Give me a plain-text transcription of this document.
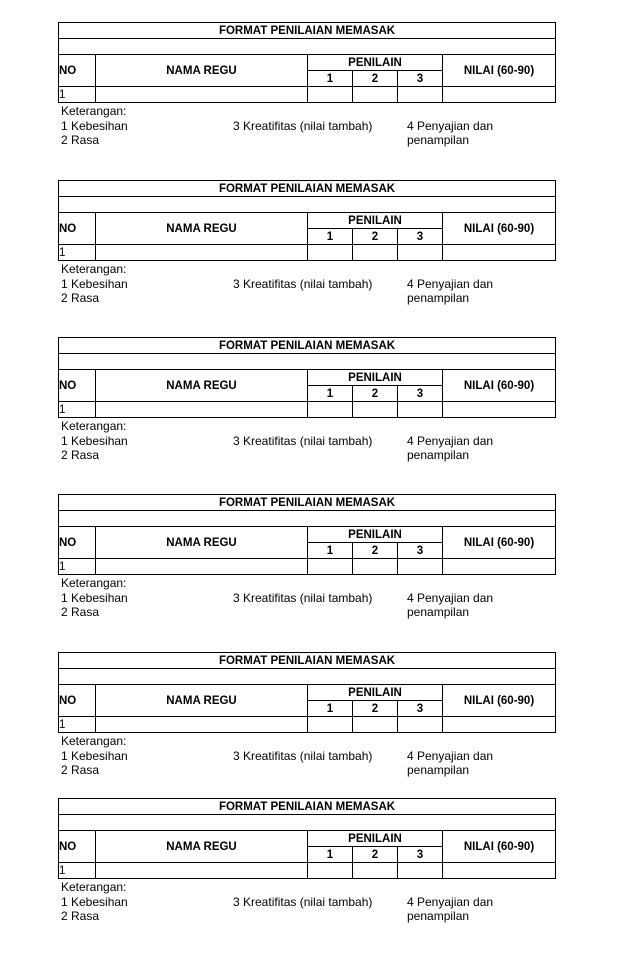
FORMAT PENILAIAN MEMASAK					

NO	NAMA REGU	PENILAIN			NILAI (60-90)
		1	2	3	
1					
Keterangan:
1 Kebesihan
2 Rasa
3 Kreatifitas (nilai tambah)	4 Penyajian dan
penampilan
FORMAT PENILAIAN MEMASAK					

NO	NAMA REGU	PENILAIN			NILAI (60-90)
		1	2	3	
1					
Keterangan:
1 Kebesihan
2 Rasa
3 Kreatifitas (nilai tambah)	4 Penyajian dan
penampilan
FORMAT PENILAIAN MEMASAK					

NO	NAMA REGU	PENILAIN			NILAI (60-90)
		1	2	3	
1					
Keterangan:
1 Kebesihan
2 Rasa
3 Kreatifitas (nilai tambah)	4 Penyajian dan
penampilan
FORMAT PENILAIAN MEMASAK					

NO	NAMA REGU	PENILAIN			NILAI (60-90)
		1	2	3	
1					
Keterangan:
1 Kebesihan
2 Rasa
3 Kreatifitas (nilai tambah)	4 Penyajian dan
penampilan
FORMAT PENILAIAN MEMASAK					

NO	NAMA REGU	PENILAIN			NILAI (60-90)
		1	2	3	
1					
Keterangan:
1 Kebesihan
2 Rasa
3 Kreatifitas (nilai tambah)	4 Penyajian dan
penampilan
FORMAT PENILAIAN MEMASAK					

NO	NAMA REGU	PENILAIN			NILAI (60-90)
		1	2	3	
1					
Keterangan:
1 Kebesihan
2 Rasa
3 Kreatifitas (nilai tambah)	4 Penyajian dan
penampilan
